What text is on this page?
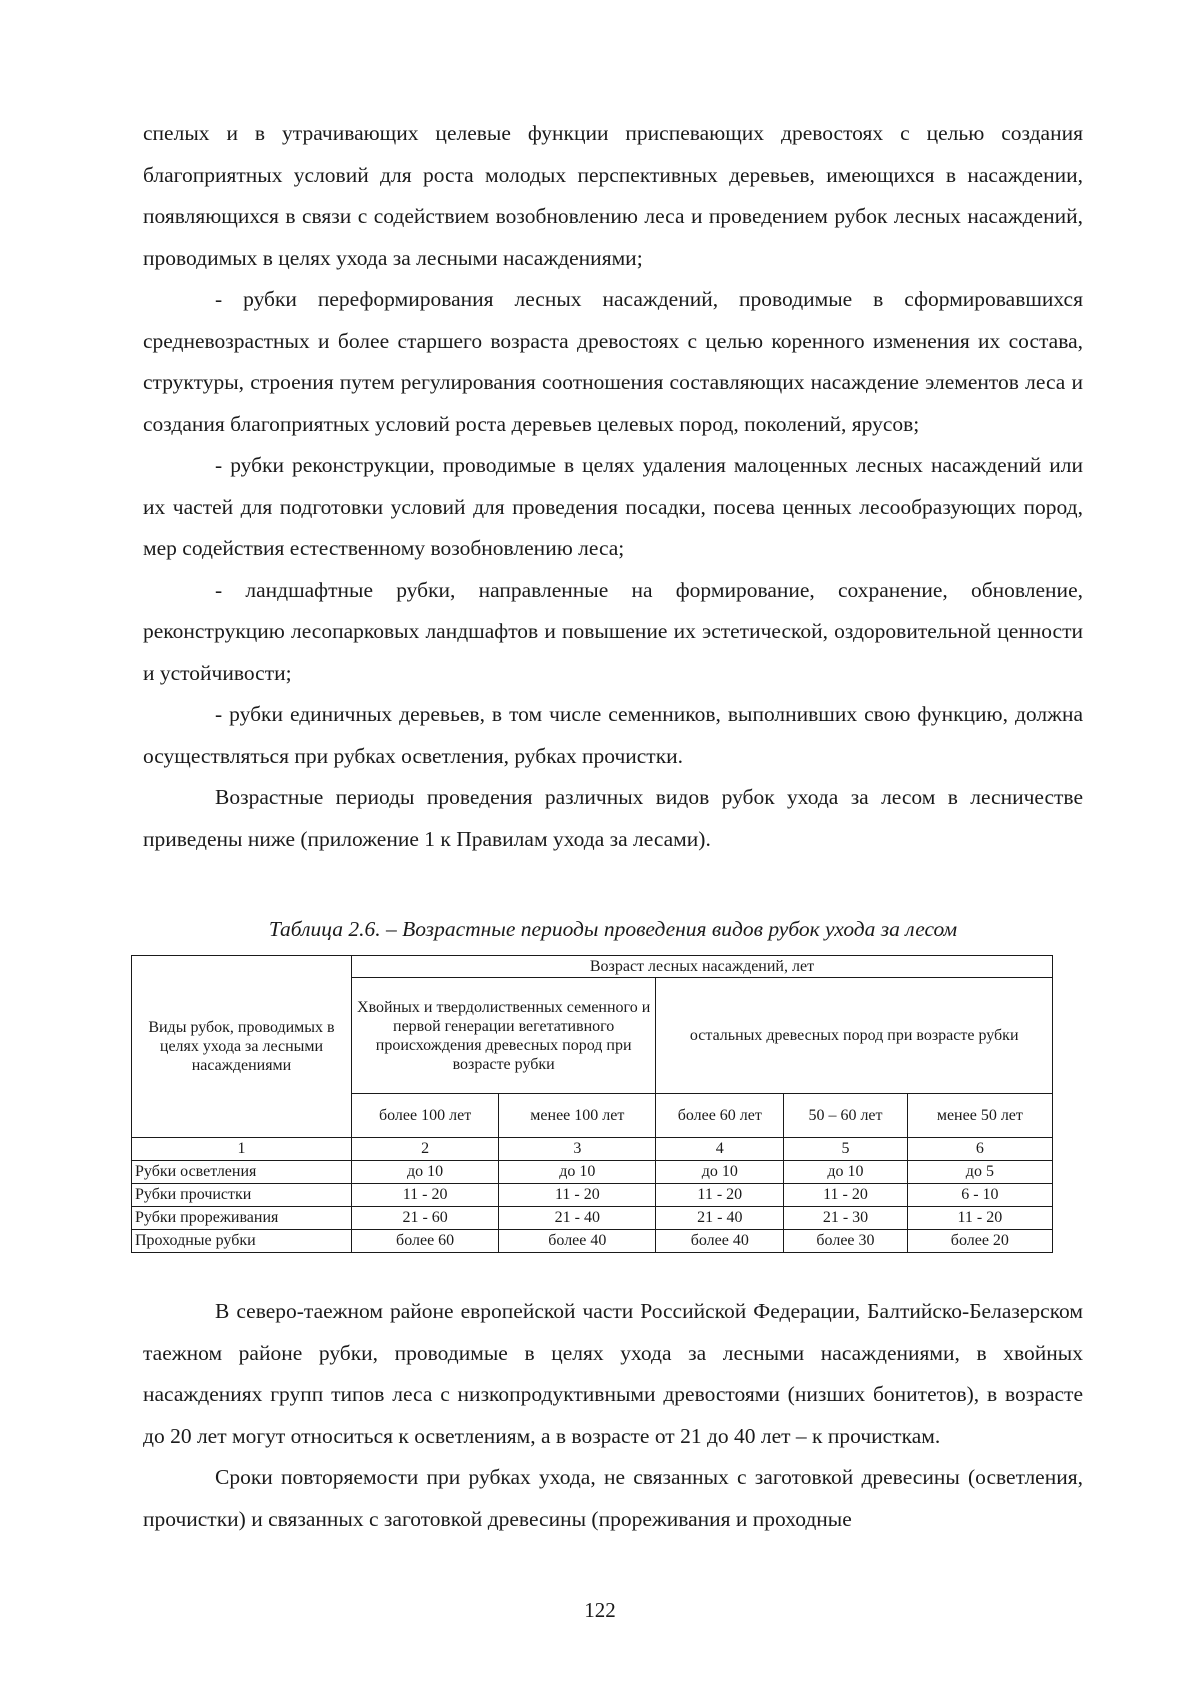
спелых и в утрачивающих целевые функции приспевающих древостоях с целью создания благоприятных условий для роста молодых перспективных деревьев, имеющихся в насаждении, появляющихся в связи с содействием возобновлению леса и проведением рубок лесных насаждений, проводимых в целях ухода за лесными насаждениями;

- рубки переформирования лесных насаждений, проводимые в сформировавшихся средневозрастных и более старшего возраста древостоях с целью коренного изменения их состава, структуры, строения путем регулирования соотношения составляющих насаждение элементов леса и создания благоприятных условий роста деревьев целевых пород, поколений, ярусов;

- рубки реконструкции, проводимые в целях удаления малоценных лесных насаждений или их частей для подготовки условий для проведения посадки, посева ценных лесообразующих пород, мер содействия естественному возобновлению леса;

- ландшафтные рубки, направленные на формирование, сохранение, обновление, реконструкцию лесопарковых ландшафтов и повышение их эстетической, оздоровительной ценности и устойчивости;

- рубки единичных деревьев, в том числе семенников, выполнивших свою функцию, должна осуществляться при рубках осветления, рубках прочистки.

Возрастные периоды проведения различных видов рубок ухода за лесом в лесничестве приведены ниже (приложение 1 к Правилам ухода за лесами).

Таблица 2.6. – Возрастные периоды проведения видов рубок ухода за лесом
Виды рубок, проводимых в целях ухода за лесными насаждениями	Возраст лесных насаждений, лет				
	Хвойных и твердолиственных семенного и первой генерации вегетативного происхождения древесных пород при возрасте рубки		остальных древесных пород при возрасте рубки		
	более 100 лет	менее 100 лет	более 60 лет	50 – 60 лет	менее 50 лет
1	2	3	4	5	6
Рубки осветления	до 10	до 10	до 10	до 10	до 5
Рубки прочистки	11 - 20	11 - 20	11 - 20	11 - 20	6 - 10
Рубки прореживания	21 - 60	21 - 40	21 - 40	21 - 30	11 - 20
Проходные рубки	более 60	более 40	более 40	более 30	более 20

В северо-таежном районе европейской части Российской Федерации, Балтийско-Белазерском таежном районе рубки, проводимые в целях ухода за лесными насаждениями, в хвойных насаждениях групп типов леса с низкопродуктивными древостоями (низших бонитетов), в возрасте до 20 лет могут относиться к осветлениям, а в возрасте от 21 до 40 лет – к прочисткам.

Сроки повторяемости при рубках ухода, не связанных с заготовкой древесины (осветления, прочистки) и связанных с заготовкой древесины (прореживания и проходные

122
